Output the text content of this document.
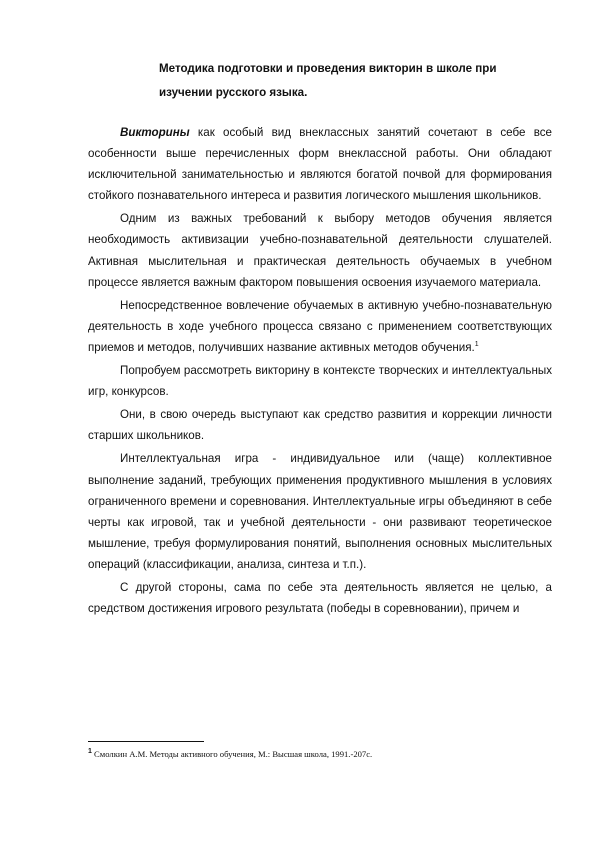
Методика подготовки и проведения викторин в школе при
изучении русского языка.

Викторины как особый вид внеклассных занятий сочетают в себе все особенности выше перечисленных форм внеклассной работы. Они обладают исключительной занимательностью и являются богатой почвой для формирования стойкого познавательного интереса и развития логического мышления школьников.

Одним из важных требований к выбору методов обучения является необходимость активизации учебно-познавательной деятельности слушателей. Активная мыслительная и практическая деятельность обучаемых в учебном процессе является важным фактором повышения освоения изучаемого материала.

Непосредственное вовлечение обучаемых в активную учебно-познавательную деятельность в ходе учебного процесса связано с применением соответствующих приемов и методов, получивших название активных методов обучения.$^1$

Попробуем рассмотреть викторину в контексте творческих и интеллектуальных игр, конкурсов.

Они, в свою очередь выступают как средство развития и коррекции личности старших школьников.

Интеллектуальная игра - индивидуальное или (чаще) коллективное выполнение заданий, требующих применения продуктивного мышления в условиях ограниченного времени и соревнования. Интеллектуальные игры объединяют в себе черты как игровой, так и учебной деятельности - они развивают теоретическое мышление, требуя формулирования понятий, выполнения основных мыслительных операций (классификации, анализа, синтеза и т.п.).

С другой стороны, сама по себе эта деятельность является не целью, а средством достижения игрового результата (победы в соревновании), причем и

$^1$ Смолкин А.М. Методы активного обучения, М.: Высшая школа, 1991.-207с.
